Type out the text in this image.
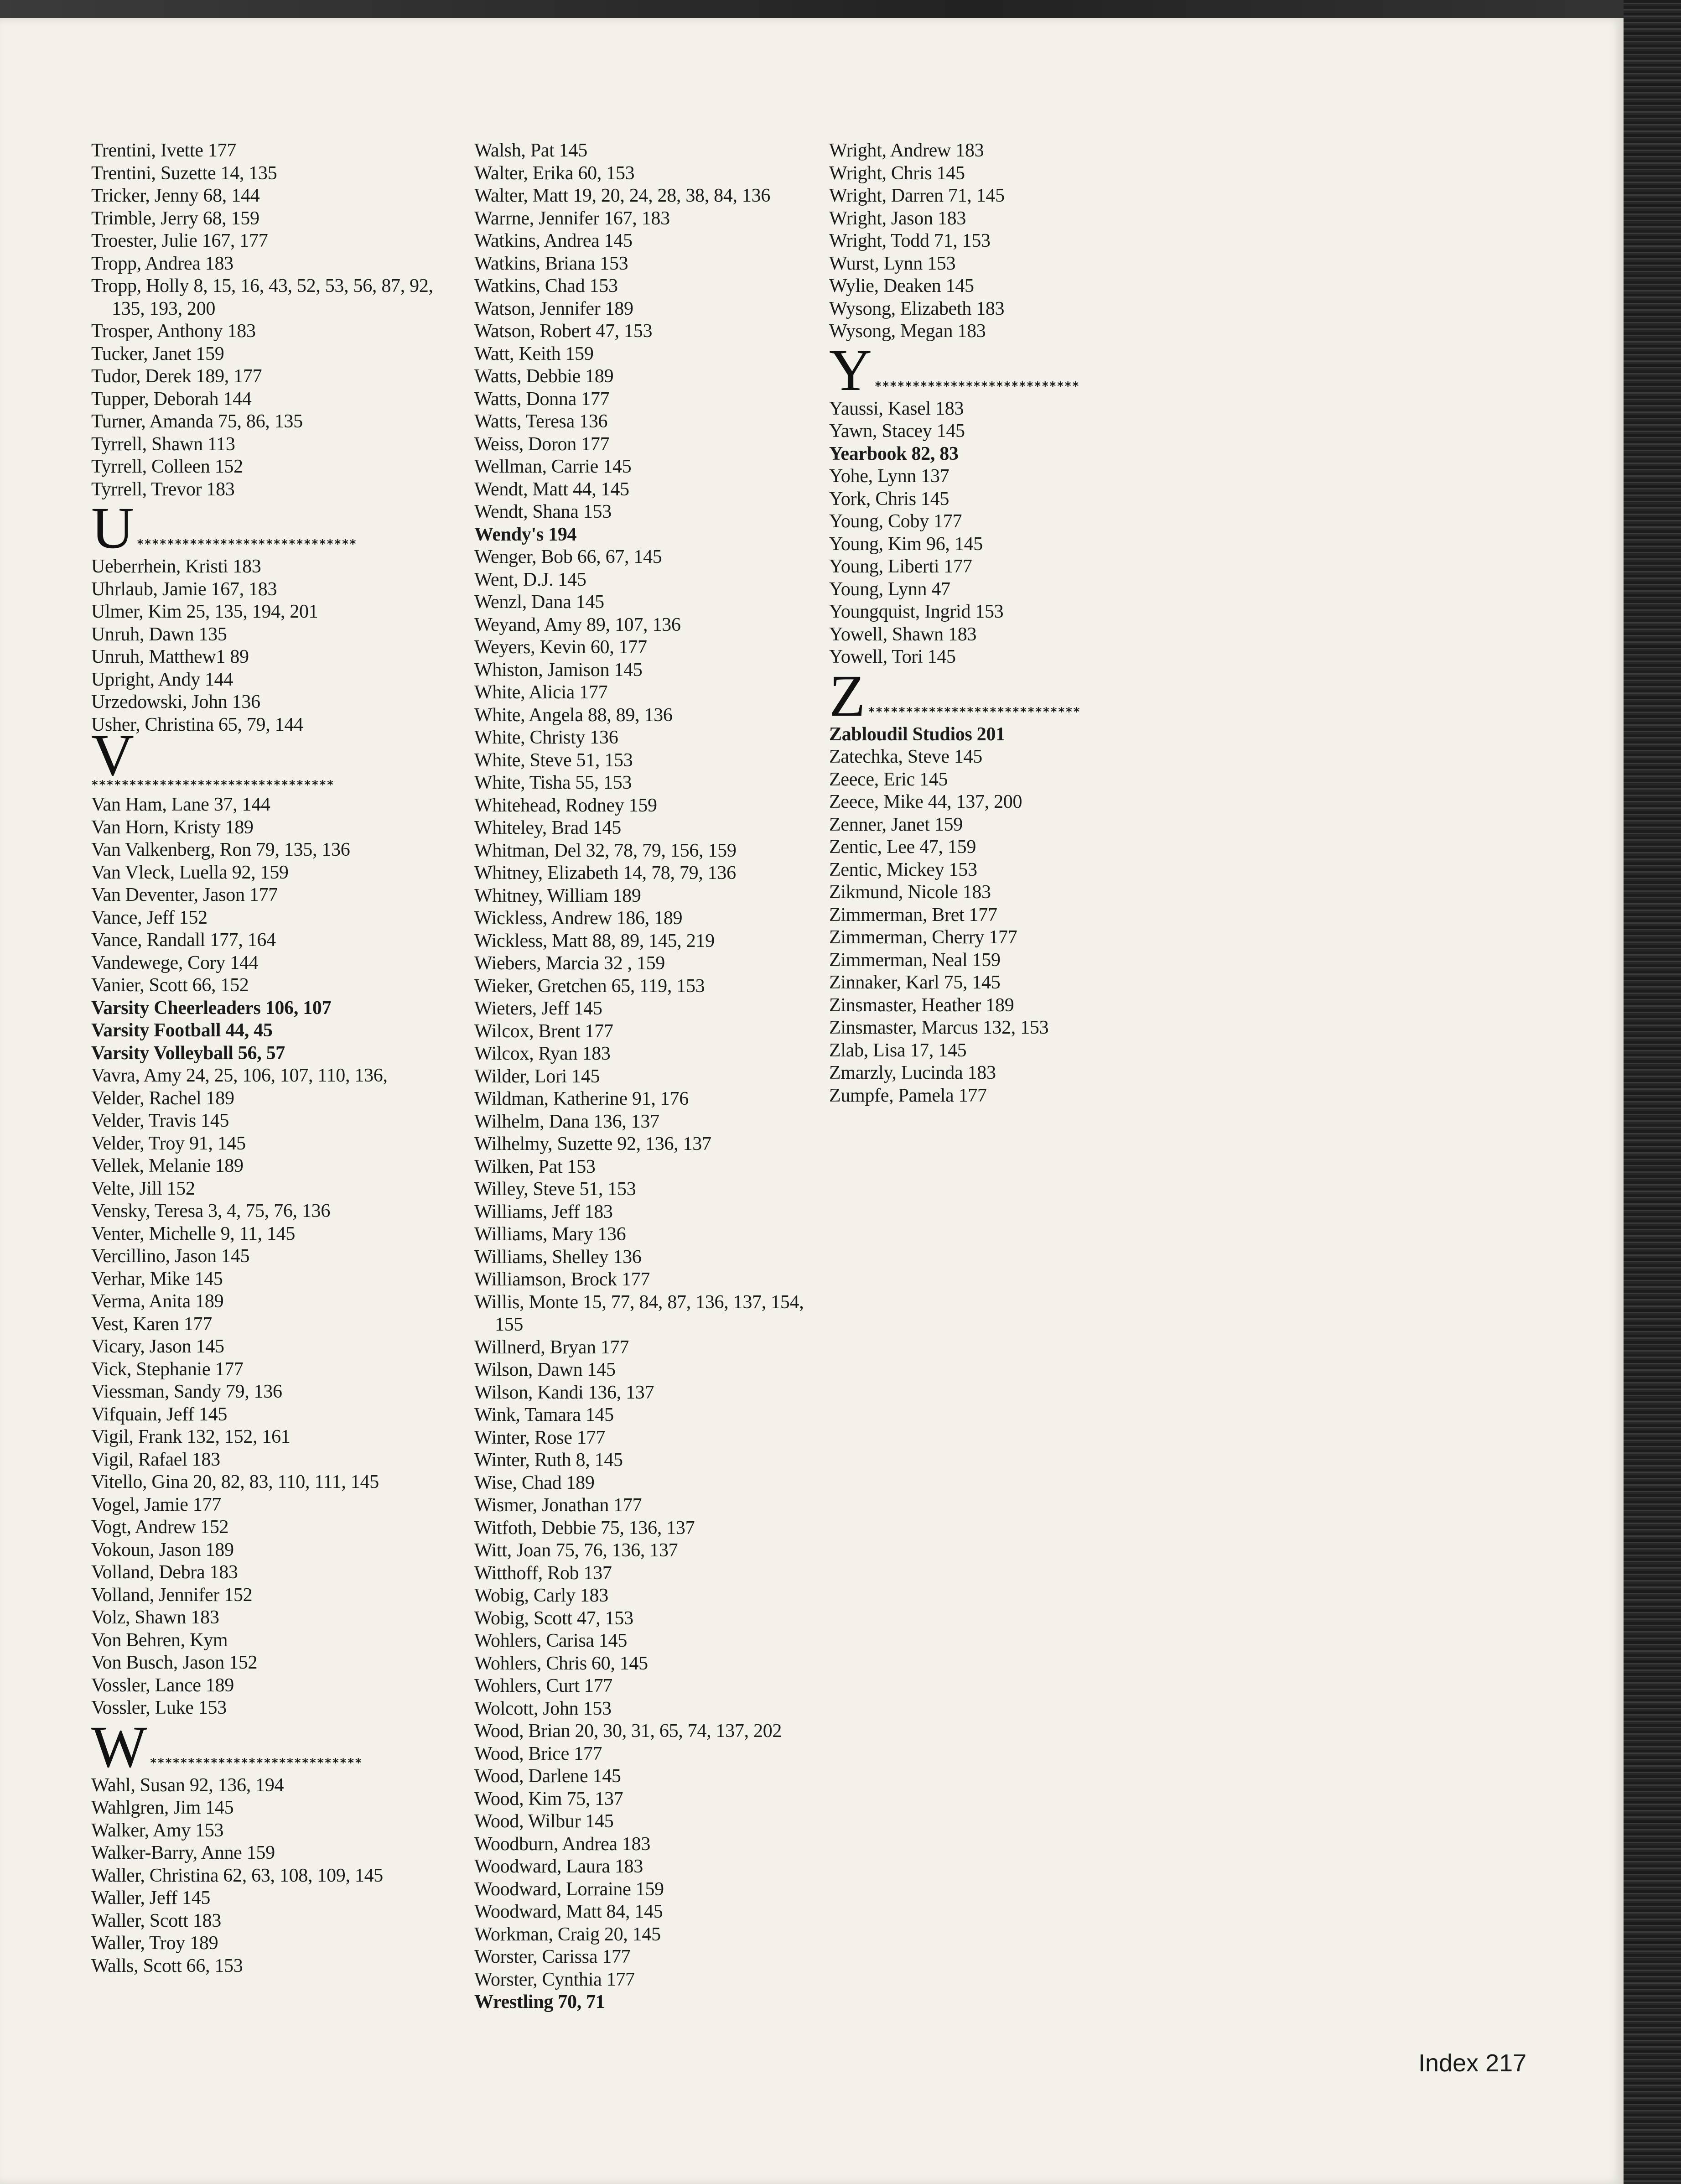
Trentini, Ivette 177
Trentini, Suzette 14, 135
Tricker, Jenny 68, 144
Trimble, Jerry 68, 159
Troester, Julie 167, 177
Tropp, Andrea 183
Tropp, Holly 8, 15, 16, 43, 52, 53, 56, 87, 92, 135, 193, 200
Trosper, Anthony 183
Tucker, Janet 159
Tudor, Derek 189, 177
Tupper, Deborah 144
Turner, Amanda 75, 86, 135
Tyrrell, Shawn 113
Tyrrell, Colleen 152
Tyrrell, Trevor 183
U *****************************
Ueberrhein, Kristi 183
Uhrlaub, Jamie 167, 183
Ulmer, Kim 25, 135, 194, 201
Unruh, Dawn 135
Unruh, Matthew1 89
Upright, Andy 144
Urzedowski, John 136
Usher, Christina 65, 79, 144
V
********************************
Van Ham, Lane 37, 144
Van Horn, Kristy 189
Van Valkenberg, Ron 79, 135, 136
Van Vleck, Luella 92, 159
Van Deventer, Jason 177
Vance, Jeff 152
Vance, Randall 177, 164
Vandewege, Cory 144
Vanier, Scott 66, 152
Varsity Cheerleaders 106, 107
Varsity Football 44, 45
Varsity Volleyball 56, 57
Vavra, Amy 24, 25, 106, 107, 110, 136,
Velder, Rachel 189
Velder, Travis 145
Velder, Troy 91, 145
Vellek, Melanie 189
Velte, Jill 152
Vensky, Teresa 3, 4, 75, 76, 136
Venter, Michelle 9, 11, 145
Vercillino, Jason 145
Verhar, Mike 145
Verma, Anita 189
Vest, Karen 177
Vicary, Jason 145
Vick, Stephanie 177
Viessman, Sandy 79, 136
Vifquain, Jeff 145
Vigil, Frank 132, 152, 161
Vigil, Rafael 183
Vitello, Gina 20, 82, 83, 110, 111, 145
Vogel, Jamie 177
Vogt, Andrew 152
Vokoun, Jason 189
Volland, Debra 183
Volland, Jennifer 152
Volz, Shawn 183
Von Behren, Kym
Von Busch, Jason 152
Vossler, Lance 189
Vossler, Luke 153
W ****************************
Wahl, Susan 92, 136, 194
Wahlgren, Jim 145
Walker, Amy 153
Walker-Barry, Anne 159
Waller, Christina 62, 63, 108, 109, 145
Waller, Jeff 145
Waller, Scott 183
Waller, Troy 189
Walls, Scott 66, 153
Walsh, Pat 145
Walter, Erika 60, 153
Walter, Matt 19, 20, 24, 28, 38, 84, 136
Warrne, Jennifer 167, 183
Watkins, Andrea 145
Watkins, Briana 153
Watkins, Chad 153
Watson, Jennifer 189
Watson, Robert 47, 153
Watt, Keith 159
Watts, Debbie 189
Watts, Donna 177
Watts, Teresa 136
Weiss, Doron 177
Wellman, Carrie 145
Wendt, Matt 44, 145
Wendt, Shana 153
Wendy's 194
Wenger, Bob 66, 67, 145
Went, D.J. 145
Wenzl, Dana 145
Weyand, Amy 89, 107, 136
Weyers, Kevin 60, 177
Whiston, Jamison 145
White, Alicia 177
White, Angela 88, 89, 136
White, Christy 136
White, Steve 51, 153
White, Tisha 55, 153
Whitehead, Rodney 159
Whiteley, Brad 145
Whitman, Del 32, 78, 79, 156, 159
Whitney, Elizabeth 14, 78, 79, 136
Whitney, William 189
Wickless, Andrew 186, 189
Wickless, Matt 88, 89, 145, 219
Wiebers, Marcia 32 , 159
Wieker, Gretchen 65, 119, 153
Wieters, Jeff 145
Wilcox, Brent 177
Wilcox, Ryan 183
Wilder, Lori 145
Wildman, Katherine 91, 176
Wilhelm, Dana 136, 137
Wilhelmy, Suzette 92, 136, 137
Wilken, Pat 153
Willey, Steve 51, 153
Williams, Jeff 183
Williams, Mary 136
Williams, Shelley 136
Williamson, Brock 177
Willis, Monte 15, 77, 84, 87, 136, 137, 154, 155
Willnerd, Bryan 177
Wilson, Dawn 145
Wilson, Kandi 136, 137
Wink, Tamara 145
Winter, Rose 177
Winter, Ruth 8, 145
Wise, Chad 189
Wismer, Jonathan 177
Witfoth, Debbie 75, 136, 137
Witt, Joan 75, 76, 136, 137
Witthoff, Rob 137
Wobig, Carly 183
Wobig, Scott 47, 153
Wohlers, Carisa 145
Wohlers, Chris 60, 145
Wohlers, Curt 177
Wolcott, John 153
Wood, Brian 20, 30, 31, 65, 74, 137, 202
Wood, Brice 177
Wood, Darlene 145
Wood, Kim 75, 137
Wood, Wilbur 145
Woodburn, Andrea 183
Woodward, Laura 183
Woodward, Lorraine 159
Woodward, Matt 84, 145
Workman, Craig 20, 145
Worster, Carissa 177
Worster, Cynthia 177
Wrestling 70, 71
Wright, Andrew 183
Wright, Chris 145
Wright, Darren 71, 145
Wright, Jason 183
Wright, Todd 71, 153
Wurst, Lynn 153
Wylie, Deaken 145
Wysong, Elizabeth 183
Wysong, Megan 183
Y ***************************
Yaussi, Kasel 183
Yawn, Stacey 145
Yearbook 82, 83
Yohe, Lynn 137
York, Chris 145
Young, Coby 177
Young, Kim 96, 145
Young, Liberti 177
Young, Lynn 47
Youngquist, Ingrid 153
Yowell, Shawn 183
Yowell, Tori 145
Z ****************************
Zabloudil Studios 201
Zatechka, Steve 145
Zeece, Eric 145
Zeece, Mike 44, 137, 200
Zenner, Janet 159
Zentic, Lee 47, 159
Zentic, Mickey 153
Zikmund, Nicole 183
Zimmerman, Bret 177
Zimmerman, Cherry 177
Zimmerman, Neal 159
Zinnaker, Karl 75, 145
Zinsmaster, Heather 189
Zinsmaster, Marcus 132, 153
Zlab, Lisa 17, 145
Zmarzly, Lucinda 183
Zumpfe, Pamela 177
Index 217
